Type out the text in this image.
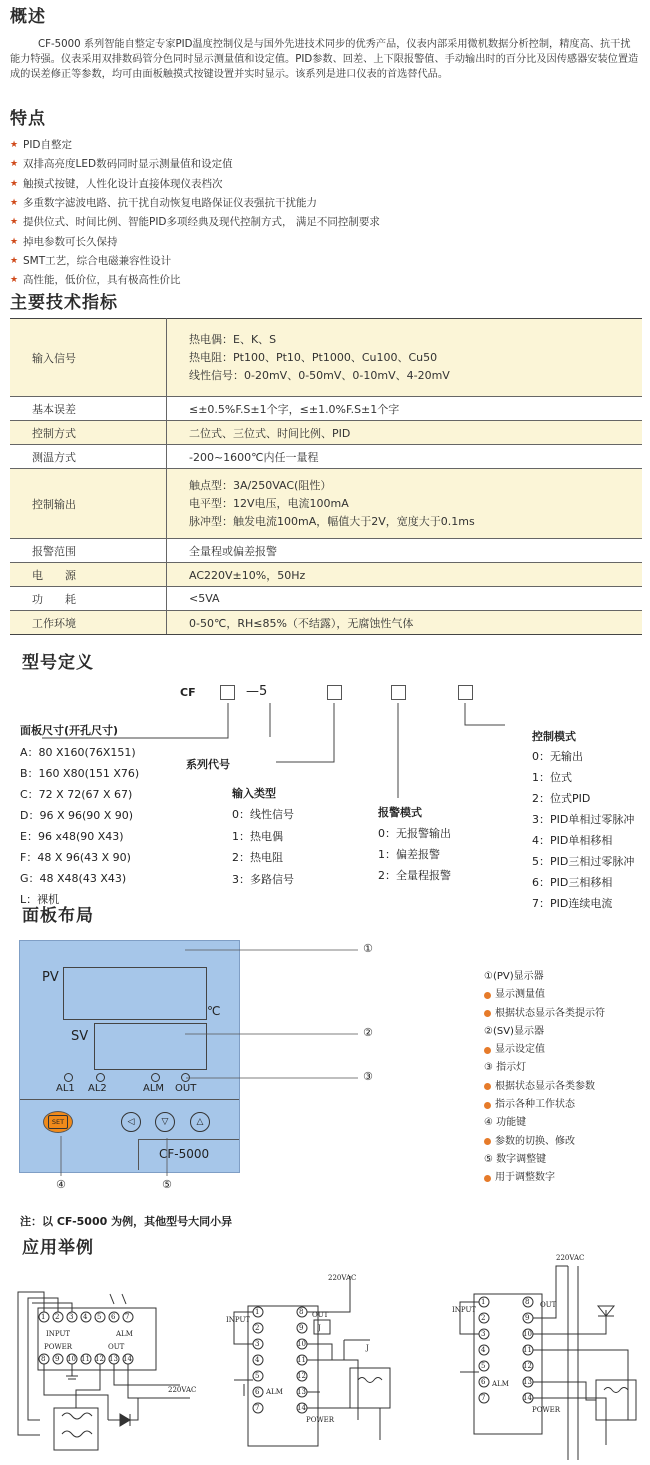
概述
CF-5000 系列智能自整定专家PID温度控制仪是与国外先进技术同步的优秀产品，仪表内部采用微机数据分析控制，精度高、抗干扰能力特强。仪表采用双排数码管分色同时显示测量值和设定值。PID参数、回差、上下限报警值、手动输出时的百分比及因传感器安装位置造成的误差修正等参数，均可由面板触摸式按键设置并实时显示。该系列是进口仪表的首选替代品。
特点
★ PID自整定
★ 双排高亮度LED数码同时显示测量值和设定值
★ 触摸式按键，人性化设计直接体现仪表档次
★ 多重数字滤波电路、抗干扰自动恢复电路保证仪表强抗干扰能力
★ 提供位式、时间比例、智能PID多项经典及现代控制方式， 满足不同控制要求
★ 掉电参数可长久保持
★ SMT工艺，综合电磁兼容性设计
★ 高性能，低价位，具有极高性价比
主要技术指标
输入信号	热电偶：E、K、S
热电阻：Pt100、Pt10、Pt1000、Cu100、Cu50
线性信号：0-20mV、0-50mV、0-10mV、4-20mV

基本误差	≤±0.5%F.S±1个字，≤±1.0%F.S±1个字
控制方式	二位式、三位式、时间比例、PID
测温方式	-200~1600℃内任一量程
控制输出	触点型：3A/250VAC(阻性）
电平型：12V电压，电流100mA
脉冲型：触发电流100mA，幅值大于2V，宽度大于0.1ms

报警范围	全量程或偏差报警
电　　源	AC220V±10%，50Hz
功　　耗	<5VA
工作环境	0-50℃，RH≤85%（不结露），无腐蚀性气体
型号定义
CF	—5
面板尺寸(开孔尺寸)
A：80 X160(76X151)
B：160 X80(151 X76)
C：72 X 72(67 X 67)
D：96 X 96(90 X 90)
E：96 x48(90 X43)
F：48 X 96(43 X 90)
G：48 X48(43 X43)
L：裸机
系列代号
输入类型
0：线性信号
1：热电偶
2：热电阻
3：多路信号
报警模式
0：无报警输出
1：偏差报警
2：全量程报警
控制模式
0：无输出
1：位式
2：位式PID
3：PID单相过零脉冲
4：PID单相移相
5：PID三相过零脉冲
6：PID三相移相
7：PID连续电流
面板布局
PV
℃
SV
AL1 AL2	ALM OUT
SET	◁	▽	△
CF-5000
①
②
③
④	⑤
①(PV)显示器
显示测量值
根据状态显示各类提示符
②(SV)显示器
显示设定值
③ 指示灯
根据状态显示各类参数
指示各种工作状态
④ 功能键
参数的切换、修改
⑤ 数字调整键
用于调整数字
注：以 CF-5000 为例，其他型号大同小异
应用举例
1 2 3 4 5 6 7
8 9 10 11 12 13 14
INPUT	ALM
POWER	OUT
220VAC
1
2
3
4
5
6
7
8
9
10
11
12
13
14
INPUT
OUT
J
ALM
POWER
220VAC
J
1
2
3
4
5
6
7
8
9
10
11
12
13
14
INPUT
OUT
ALM
POWER
220VAC
